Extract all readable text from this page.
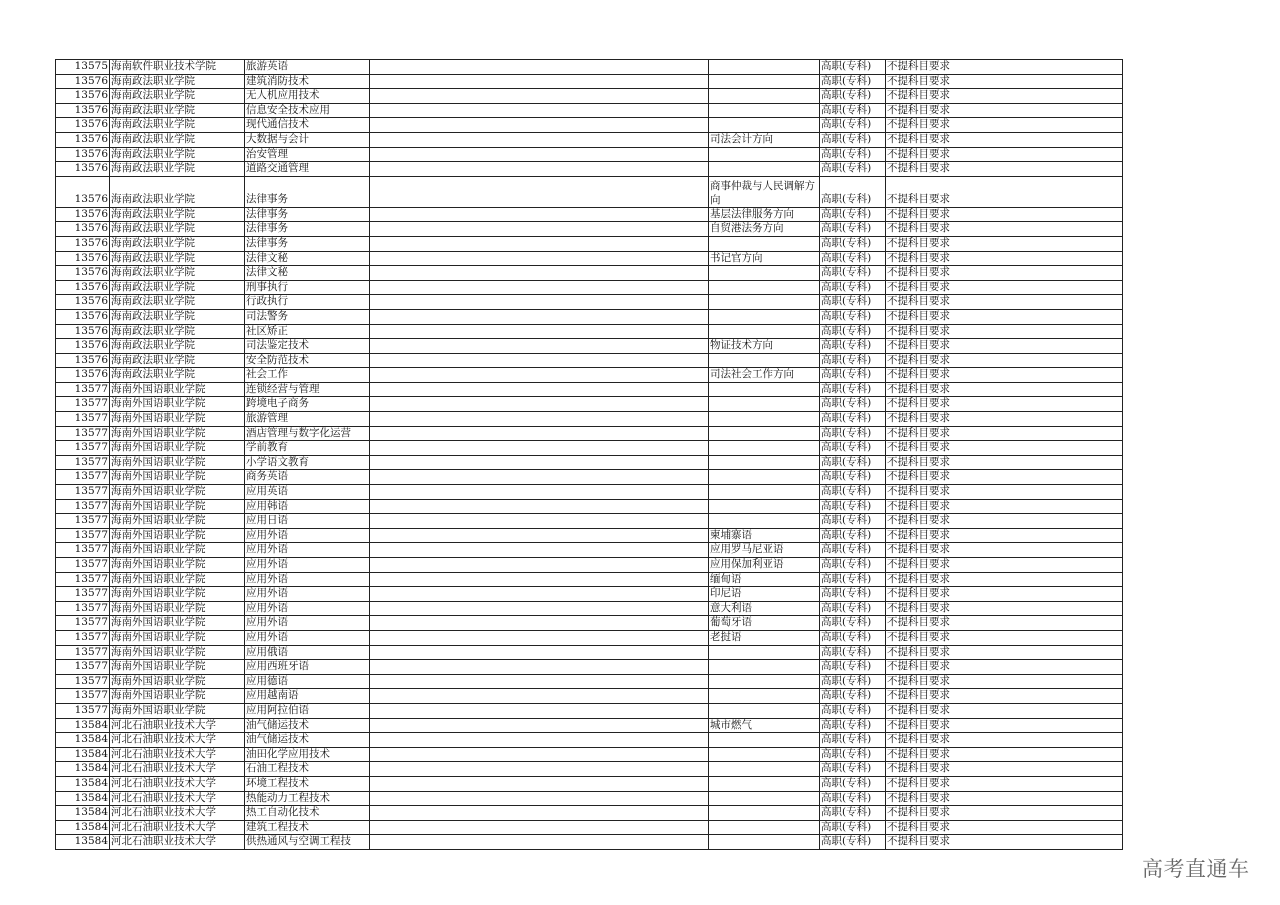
13575	海南软件职业技术学院	旅游英语			高职(专科)	不提科目要求
13576	海南政法职业学院	建筑消防技术			高职(专科)	不提科目要求
13576	海南政法职业学院	无人机应用技术			高职(专科)	不提科目要求
13576	海南政法职业学院	信息安全技术应用			高职(专科)	不提科目要求
13576	海南政法职业学院	现代通信技术			高职(专科)	不提科目要求
13576	海南政法职业学院	大数据与会计		司法会计方向	高职(专科)	不提科目要求
13576	海南政法职业学院	治安管理			高职(专科)	不提科目要求
13576	海南政法职业学院	道路交通管理			高职(专科)	不提科目要求
13576	海南政法职业学院	法律事务		商事仲裁与人民调解方向	高职(专科)	不提科目要求
13576	海南政法职业学院	法律事务		基层法律服务方向	高职(专科)	不提科目要求
13576	海南政法职业学院	法律事务		自贸港法务方向	高职(专科)	不提科目要求
13576	海南政法职业学院	法律事务			高职(专科)	不提科目要求
13576	海南政法职业学院	法律文秘		书记官方向	高职(专科)	不提科目要求
13576	海南政法职业学院	法律文秘			高职(专科)	不提科目要求
13576	海南政法职业学院	刑事执行			高职(专科)	不提科目要求
13576	海南政法职业学院	行政执行			高职(专科)	不提科目要求
13576	海南政法职业学院	司法警务			高职(专科)	不提科目要求
13576	海南政法职业学院	社区矫正			高职(专科)	不提科目要求
13576	海南政法职业学院	司法鉴定技术		物证技术方向	高职(专科)	不提科目要求
13576	海南政法职业学院	安全防范技术			高职(专科)	不提科目要求
13576	海南政法职业学院	社会工作		司法社会工作方向	高职(专科)	不提科目要求
13577	海南外国语职业学院	连锁经营与管理			高职(专科)	不提科目要求
13577	海南外国语职业学院	跨境电子商务			高职(专科)	不提科目要求
13577	海南外国语职业学院	旅游管理			高职(专科)	不提科目要求
13577	海南外国语职业学院	酒店管理与数字化运营			高职(专科)	不提科目要求
13577	海南外国语职业学院	学前教育			高职(专科)	不提科目要求
13577	海南外国语职业学院	小学语文教育			高职(专科)	不提科目要求
13577	海南外国语职业学院	商务英语			高职(专科)	不提科目要求
13577	海南外国语职业学院	应用英语			高职(专科)	不提科目要求
13577	海南外国语职业学院	应用韩语			高职(专科)	不提科目要求
13577	海南外国语职业学院	应用日语			高职(专科)	不提科目要求
13577	海南外国语职业学院	应用外语		柬埔寨语	高职(专科)	不提科目要求
13577	海南外国语职业学院	应用外语		应用罗马尼亚语	高职(专科)	不提科目要求
13577	海南外国语职业学院	应用外语		应用保加利亚语	高职(专科)	不提科目要求
13577	海南外国语职业学院	应用外语		缅甸语	高职(专科)	不提科目要求
13577	海南外国语职业学院	应用外语		印尼语	高职(专科)	不提科目要求
13577	海南外国语职业学院	应用外语		意大利语	高职(专科)	不提科目要求
13577	海南外国语职业学院	应用外语		葡萄牙语	高职(专科)	不提科目要求
13577	海南外国语职业学院	应用外语		老挝语	高职(专科)	不提科目要求
13577	海南外国语职业学院	应用俄语			高职(专科)	不提科目要求
13577	海南外国语职业学院	应用西班牙语			高职(专科)	不提科目要求
13577	海南外国语职业学院	应用德语			高职(专科)	不提科目要求
13577	海南外国语职业学院	应用越南语			高职(专科)	不提科目要求
13577	海南外国语职业学院	应用阿拉伯语			高职(专科)	不提科目要求
13584	河北石油职业技术大学	油气储运技术		城市燃气	高职(专科)	不提科目要求
13584	河北石油职业技术大学	油气储运技术			高职(专科)	不提科目要求
13584	河北石油职业技术大学	油田化学应用技术			高职(专科)	不提科目要求
13584	河北石油职业技术大学	石油工程技术			高职(专科)	不提科目要求
13584	河北石油职业技术大学	环境工程技术			高职(专科)	不提科目要求
13584	河北石油职业技术大学	热能动力工程技术			高职(专科)	不提科目要求
13584	河北石油职业技术大学	热工自动化技术			高职(专科)	不提科目要求
13584	河北石油职业技术大学	建筑工程技术			高职(专科)	不提科目要求
13584	河北石油职业技术大学	供热通风与空调工程技			高职(专科)	不提科目要求
高考直通车
